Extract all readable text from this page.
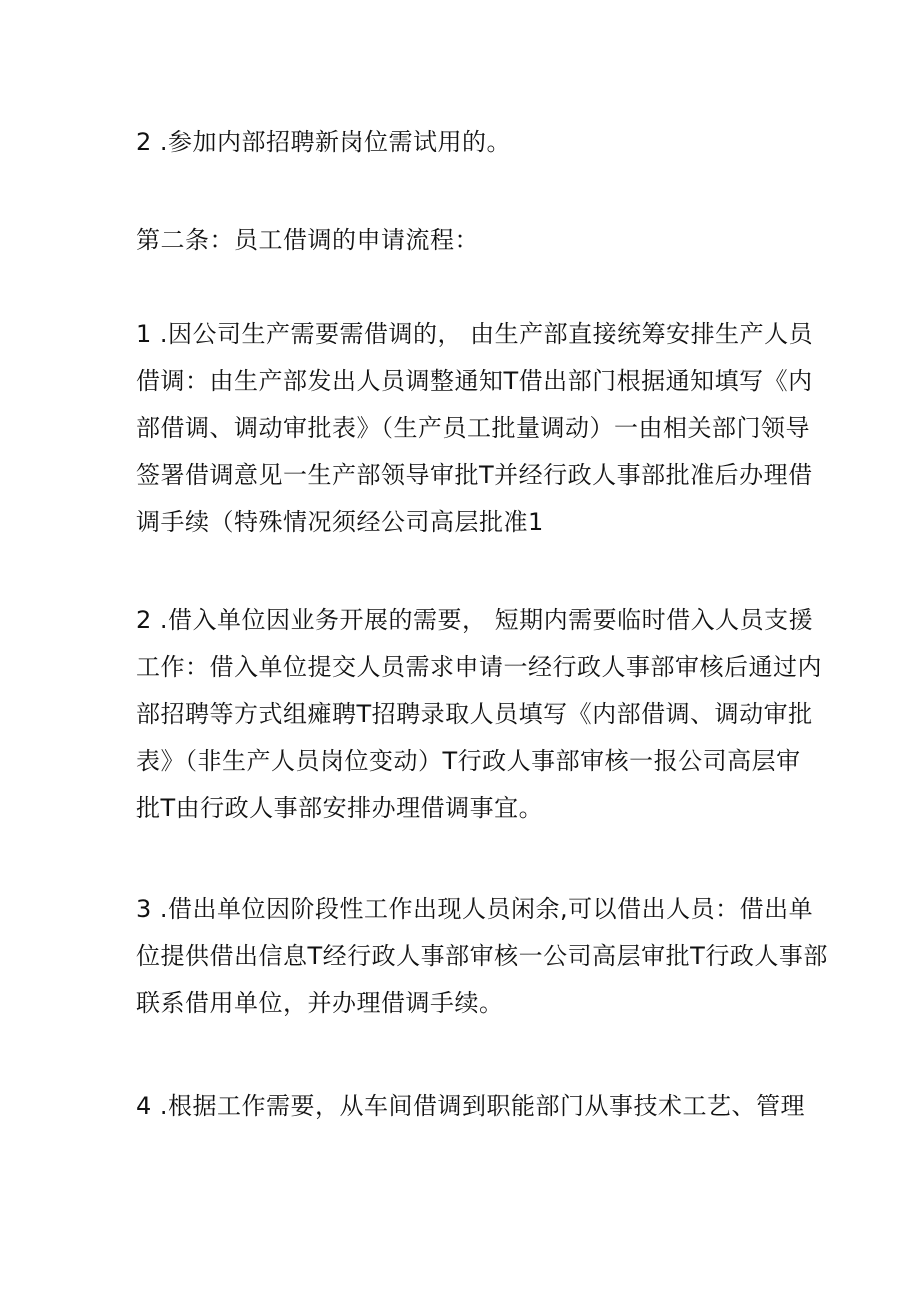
2 .参加内部招聘新岗位需试用的。

第二条：员工借调的申请流程：

1 .因公司生产需要需借调的， 由生产部直接统筹安排生产人员
借调：由生产部发出人员调整通知T借出部门根据通知填写《内
部借调、调动审批表》（生产员工批量调动）一由相关部门领导
签署借调意见一生产部领导审批T并经行政人事部批准后办理借
调手续（特殊情况须经公司高层批准1

2 .借入单位因业务开展的需要， 短期内需要临时借入人员支援
工作：借入单位提交人员需求申请一经行政人事部审核后通过内
部招聘等方式组瘫聘T招聘录取人员填写《内部借调、调动审批
表》（非生产人员岗位变动）T行政人事部审核一报公司高层审
批T由行政人事部安排办理借调事宜。

3 .借出单位因阶段性工作出现人员闲余,可以借出人员：借出单
位提供借出信息T经行政人事部审核一公司高层审批T行政人事部
联系借用单位，并办理借调手续。

4 .根据工作需要，从车间借调到职能部门从事技术工艺、管理
